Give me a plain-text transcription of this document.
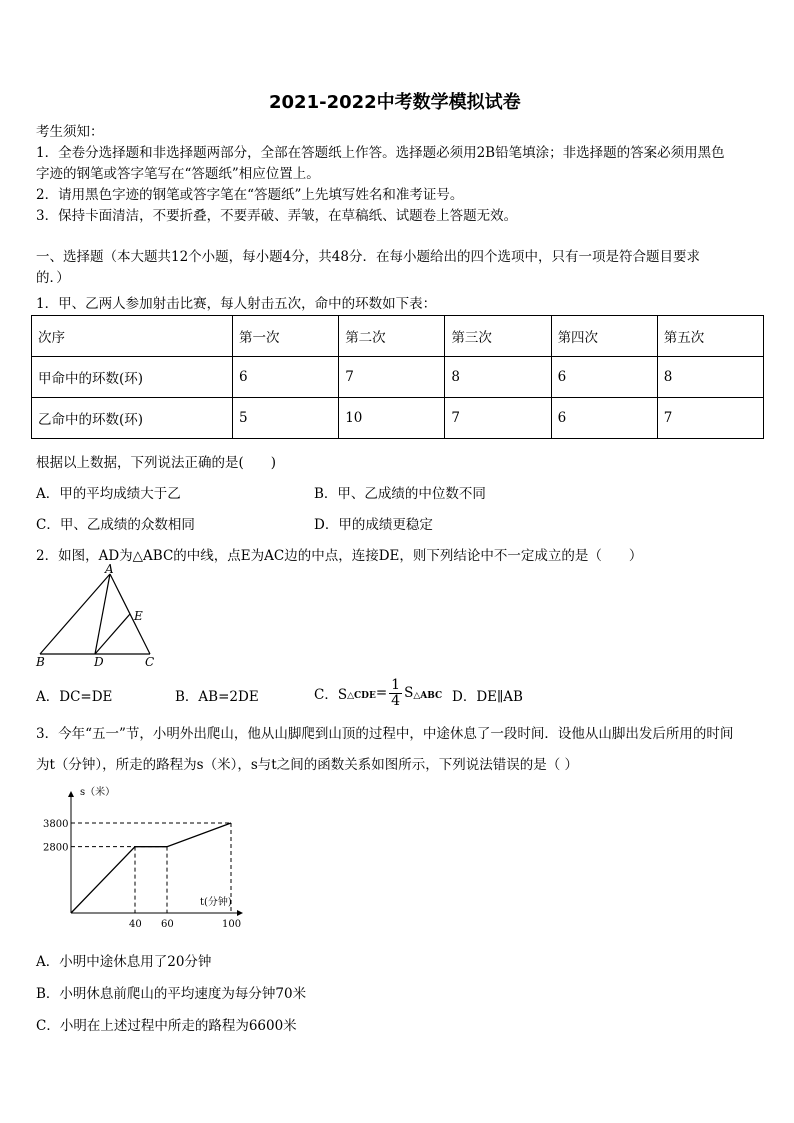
2021-2022中考数学模拟试卷
考生须知：
1．全卷分选择题和非选择题两部分，全部在答题纸上作答。选择题必须用2B铅笔填涂；非选择题的答案必须用黑色
字迹的钢笔或答字笔写在“答题纸”相应位置上。
2．请用黑色字迹的钢笔或答字笔在“答题纸”上先填写姓名和准考证号。
3．保持卡面清洁，不要折叠，不要弄破、弄皱，在草稿纸、试题卷上答题无效。
一、选择题（本大题共12个小题，每小题4分，共48分．在每小题给出的四个选项中，只有一项是符合题目要求
的．）
1．甲、乙两人参加射击比赛，每人射击五次，命中的环数如下表：
次序	第一次	第二次	第三次	第四次	第五次
甲命中的环数(环)	6	7	8	6	8
乙命中的环数(环)	5	10	7	6	7
根据以上数据，下列说法正确的是(　　)
A．甲的平均成绩大于乙	B．甲、乙成绩的中位数不同
C．甲、乙成绩的众数相同	D．甲的成绩更稳定
2．如图，AD为△ABC的中线，点E为AC边的中点，连接DE，则下列结论中不一定成立的是（　　）
A
B	C
D
E
A．DC=DE	B．AB=2DE	C．S △CDE = $\frac{1}{4}$ S △ABC D．DE∥AB
3．今年“五一”节，小明外出爬山，他从山脚爬到山顶的过程中，中途休息了一段时间．设他从山脚出发后所用的时间
为t（分钟），所走的路程为s（米），s与t之间的函数关系如图所示，下列说法错误的是（ ）
s（米）
t(分钟)
2800
3800
40 60	100
A．小明中途休息用了20分钟
B．小明休息前爬山的平均速度为每分钟70米
C．小明在上述过程中所走的路程为6600米
